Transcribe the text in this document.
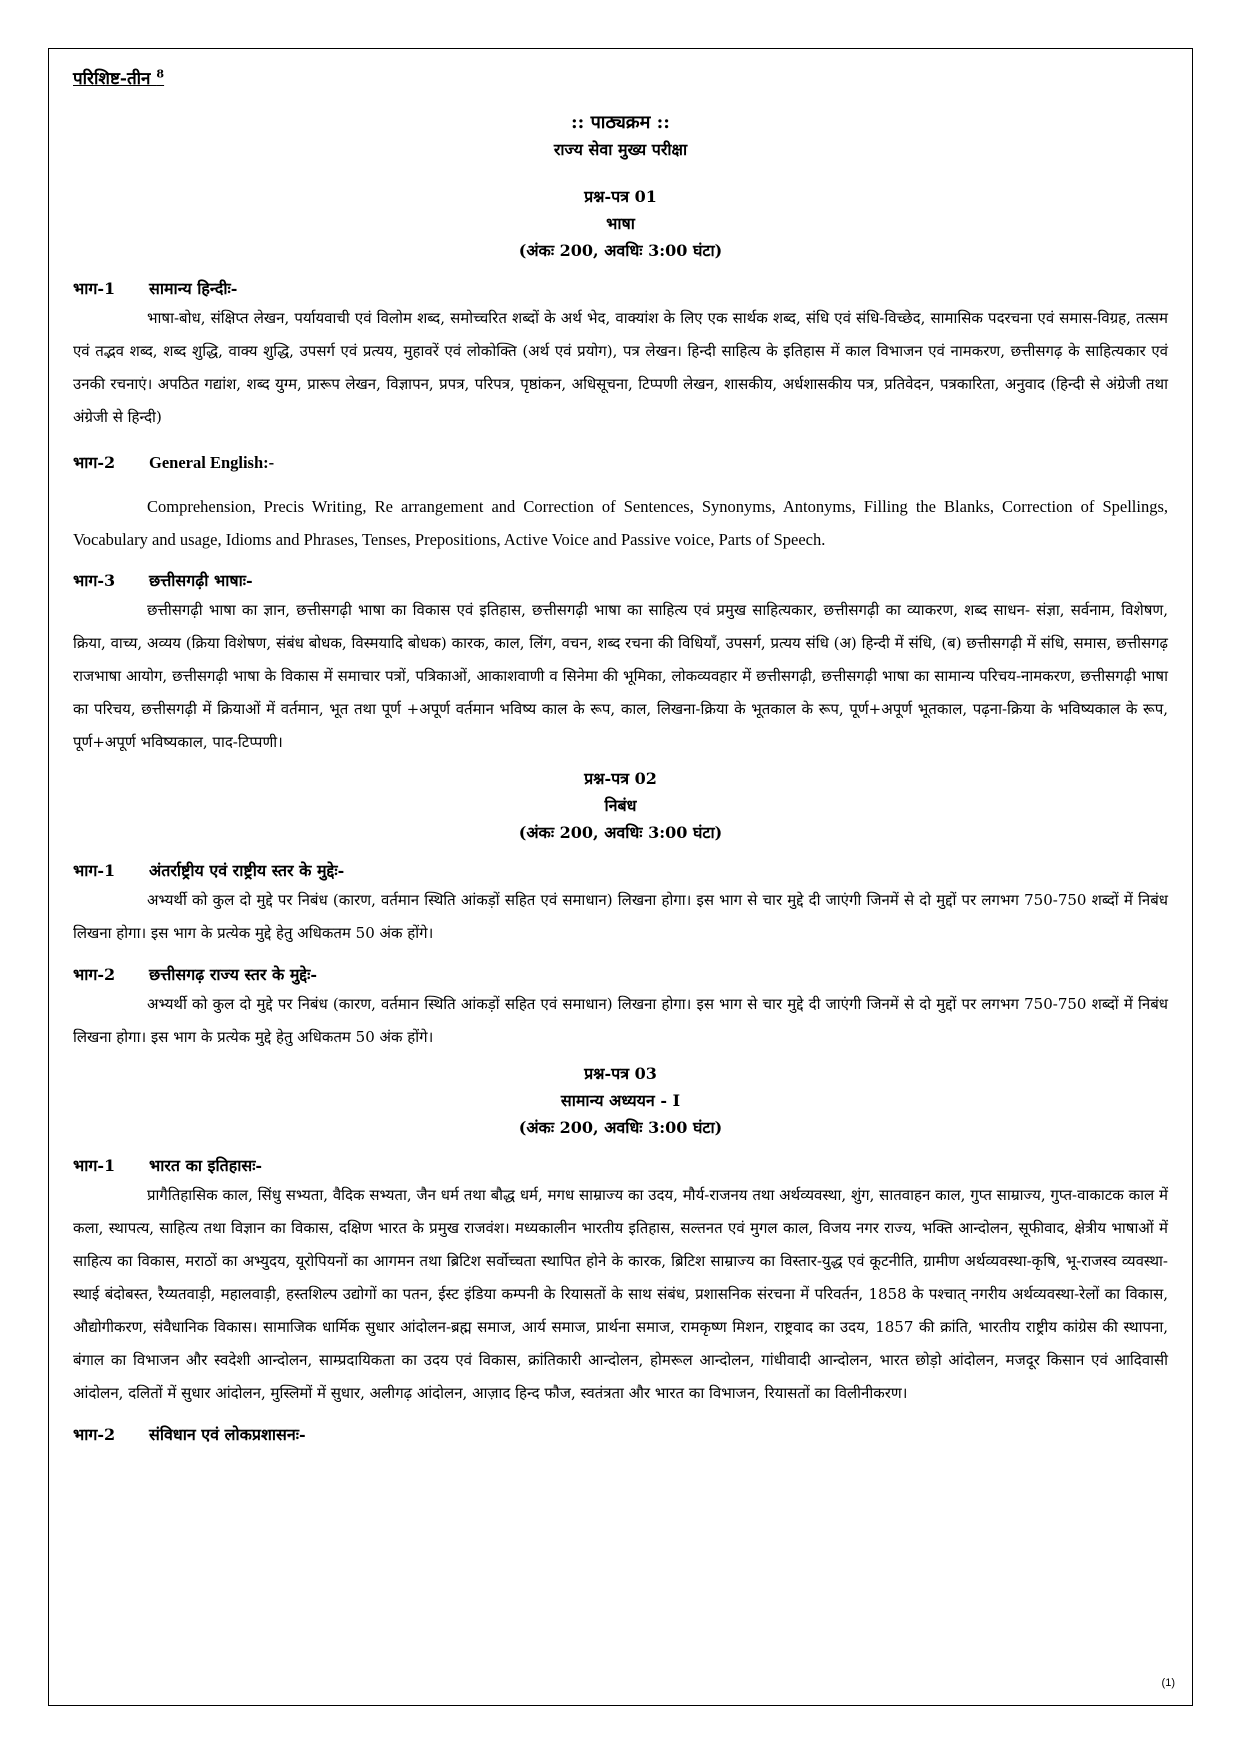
परिशिष्ट-तीन $^8$
:: पाठ्यक्रम ::
राज्य सेवा मुख्य परीक्षा
प्रश्न-पत्र 01
भाषा
(अंकः 200, अवधिः 3:00 घंटा)
भाग-1 सामान्य हिन्दीः-

भाषा-बोध, संक्षिप्त लेखन, पर्यायवाची एवं विलोम शब्द, समोच्चरित शब्दों के अर्थ भेद, वाक्यांश के लिए एक सार्थक शब्द, संधि एवं संधि-विच्छेद, सामासिक पदरचना एवं समास-विग्रह, तत्सम एवं तद्भव शब्द, शब्द शुद्धि, वाक्य शुद्धि, उपसर्ग एवं प्रत्यय, मुहावरें एवं लोकोक्ति (अर्थ एवं प्रयोग), पत्र लेखन। हिन्दी साहित्य के इतिहास में काल विभाजन एवं नामकरण, छत्तीसगढ़ के साहित्यकार एवं उनकी रचनाएं। अपठित गद्यांश, शब्द युग्म, प्रारूप लेखन, विज्ञापन, प्रपत्र, परिपत्र, पृष्ठांकन, अधिसूचना, टिप्पणी लेखन, शासकीय, अर्धशासकीय पत्र, प्रतिवेदन, पत्रकारिता, अनुवाद (हिन्दी से अंग्रेजी तथा अंग्रेजी से हिन्दी)

भाग-2 General English:-

Comprehension, Precis Writing, Re arrangement and Correction of Sentences, Synonyms, Antonyms, Filling the Blanks, Correction of Spellings, Vocabulary and usage, Idioms and Phrases, Tenses, Prepositions, Active Voice and Passive voice, Parts of Speech.

भाग-3 छत्तीसगढ़ी भाषाः-

छत्तीसगढ़ी भाषा का ज्ञान, छत्तीसगढ़ी भाषा का विकास एवं इतिहास, छत्तीसगढ़ी भाषा का साहित्य एवं प्रमुख साहित्यकार, छत्तीसगढ़ी का व्याकरण, शब्द साधन- संज्ञा, सर्वनाम, विशेषण, क्रिया, वाच्य, अव्यय (क्रिया विशेषण, संबंध बोधक, विस्मयादि बोधक) कारक, काल, लिंग, वचन, शब्द रचना की विधियॉं, उपसर्ग, प्रत्यय संधि (अ) हिन्दी में संधि, (ब) छत्तीसगढ़ी में संधि, समास, छत्तीसगढ़ राजभाषा आयोग, छत्तीसगढ़ी भाषा के विकास में समाचार पत्रों, पत्रिकाओं, आकाशवाणी व सिनेमा की भूमिका, लोकव्यवहार में छत्तीसगढ़ी, छत्तीसगढ़ी भाषा का सामान्य परिचय-नामकरण, छत्तीसगढ़ी भाषा का परिचय, छत्तीसगढ़ी में क्रियाओं में वर्तमान, भूत तथा पूर्ण +अपूर्ण वर्तमान भविष्य काल के रूप, काल, लिखना-क्रिया के भूतकाल के रूप, पूर्ण+अपूर्ण भूतकाल, पढ़ना-क्रिया के भविष्यकाल के रूप, पूर्ण+अपूर्ण भविष्यकाल, पाद-टिप्पणी।

प्रश्न-पत्र 02
निबंध
(अंकः 200, अवधिः 3:00 घंटा)
भाग-1 अंतर्राष्ट्रीय एवं राष्ट्रीय स्तर के मुद्देः-

अभ्यर्थी को कुल दो मुद्दे पर निबंध (कारण, वर्तमान स्थिति आंकड़ों सहित एवं समाधान) लिखना होगा। इस भाग से चार मुद्दे दी जाएंगी जिनमें से दो मुद्दों पर लगभग 750-750 शब्दों में निबंध लिखना होगा। इस भाग के प्रत्येक मुद्दे हेतु अधिकतम 50 अंक होंगे।

भाग-2 छत्तीसगढ़ राज्य स्तर के मुद्देः-

अभ्यर्थी को कुल दो मुद्दे पर निबंध (कारण, वर्तमान स्थिति आंकड़ों सहित एवं समाधान) लिखना होगा। इस भाग से चार मुद्दे दी जाएंगी जिनमें से दो मुद्दों पर लगभग 750-750 शब्दों में निबंध लिखना होगा। इस भाग के प्रत्येक मुद्दे हेतु अधिकतम 50 अंक होंगे।

प्रश्न-पत्र 03
सामान्य अध्ययन - I
(अंकः 200, अवधिः 3:00 घंटा)
भाग-1 भारत का इतिहासः-

प्रागैतिहासिक काल, सिंधु सभ्यता, वैदिक सभ्यता, जैन धर्म तथा बौद्ध धर्म, मगध साम्राज्य का उदय, मौर्य-राजनय तथा अर्थव्यवस्था, शुंग, सातवाहन काल, गुप्त साम्राज्य, गुप्त-वाकाटक काल में कला, स्थापत्य, साहित्य तथा विज्ञान का विकास, दक्षिण भारत के प्रमुख राजवंश। मध्यकालीन भारतीय इतिहास, सल्तनत एवं मुगल काल, विजय नगर राज्य, भक्ति आन्दोलन, सूफीवाद, क्षेत्रीय भाषाओं में साहित्य का विकास, मराठों का अभ्युदय, यूरोपियनों का आगमन तथा ब्रिटिश सर्वोच्चता स्थापित होने के कारक, ब्रिटिश साम्राज्य का विस्तार-युद्ध एवं कूटनीति, ग्रामीण अर्थव्यवस्था-कृषि, भू-राजस्व व्यवस्था-स्थाई बंदोबस्त, रैय्यतवाड़ी, महालवाड़ी, हस्तशिल्प उद्योगों का पतन, ईस्ट इंडिया कम्पनी के रियासतों के साथ संबंध, प्रशासनिक संरचना में परिवर्तन, 1858 के पश्चात् नगरीय अर्थव्यवस्था-रेलों का विकास, औद्योगीकरण, संवैधानिक विकास। सामाजिक धार्मिक सुधार आंदोलन-ब्रह्म समाज, आर्य समाज, प्रार्थना समाज, रामकृष्ण मिशन, राष्ट्रवाद का उदय, 1857 की क्रांति, भारतीय राष्ट्रीय कांग्रेस की स्थापना, बंगाल का विभाजन और स्वदेशी आन्दोलन, साम्प्रदायिकता का उदय एवं विकास, क्रांतिकारी आन्दोलन, होमरूल आन्दोलन, गांधीवादी आन्दोलन, भारत छोड़ो आंदोलन, मजदूर किसान एवं आदिवासी आंदोलन, दलितों में सुधार आंदोलन, मुस्लिमों में सुधार, अलीगढ़ आंदोलन, आज़ाद हिन्द फौज, स्वतंत्रता और भारत का विभाजन, रियासतों का विलीनीकरण।

भाग-2 संविधान एवं लोकप्रशासनः-
(1)
